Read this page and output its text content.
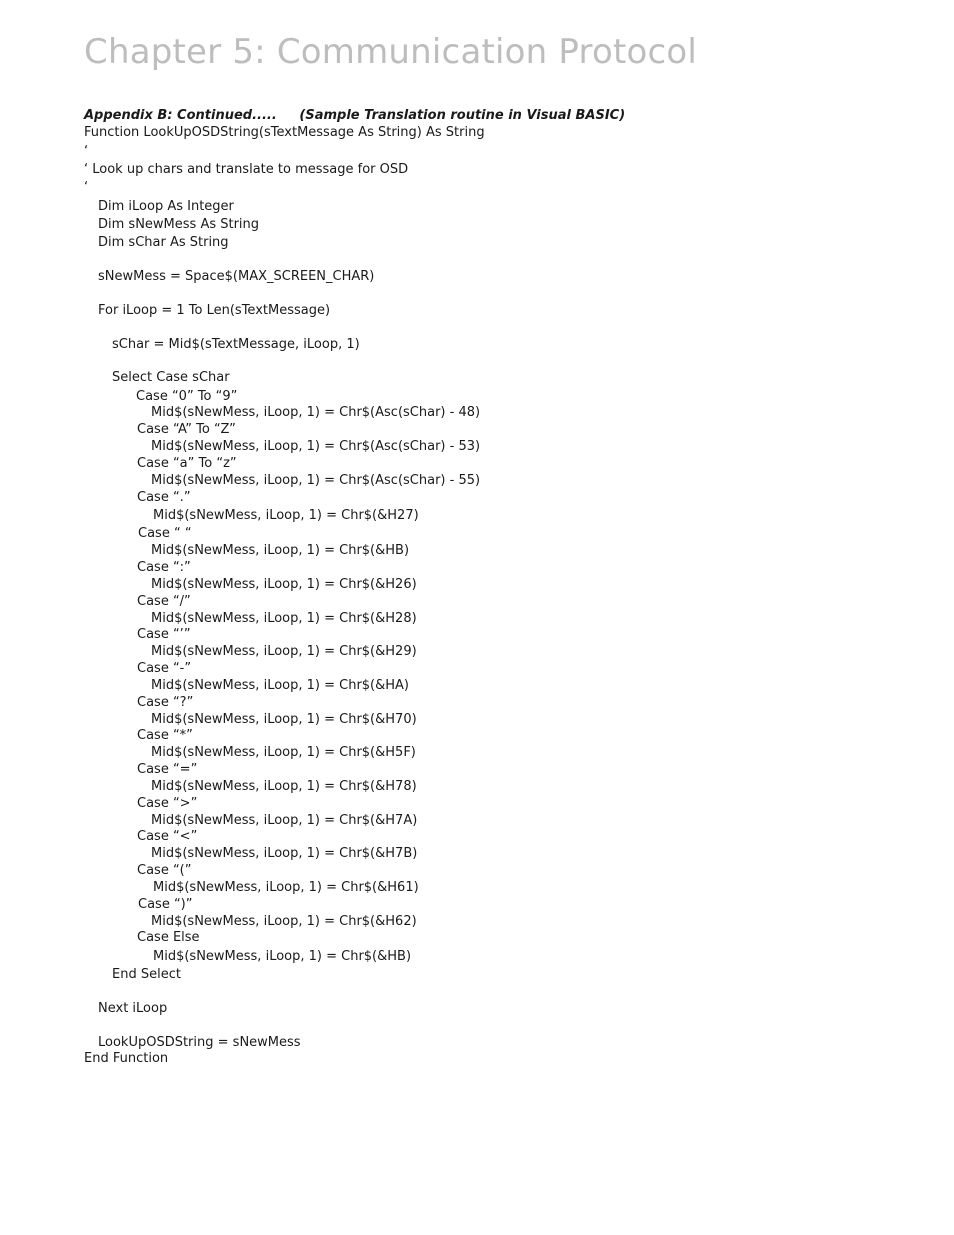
Chapter 5: Communication Protocol
Appendix B: Continued.....     (Sample Translation routine in Visual BASIC)
Function LookUpOSDString(sTextMessage As String) As String
‘
‘ Look up chars and translate to message for OSD
‘
Dim iLoop As Integer
Dim sNewMess As String
Dim sChar As String
sNewMess = Space$(MAX_SCREEN_CHAR)
For iLoop = 1 To Len(sTextMessage)
sChar = Mid$(sTextMessage, iLoop, 1)
Select Case sChar
Case “0” To “9”
Mid$(sNewMess, iLoop, 1) = Chr$(Asc(sChar) - 48)
Case “A” To “Z”
Mid$(sNewMess, iLoop, 1) = Chr$(Asc(sChar) - 53)
Case “a” To “z”
Mid$(sNewMess, iLoop, 1) = Chr$(Asc(sChar) - 55)
Case “.”
Mid$(sNewMess, iLoop, 1) = Chr$(&H27)
Case “ “
Mid$(sNewMess, iLoop, 1) = Chr$(&HB)
Case “:”
Mid$(sNewMess, iLoop, 1) = Chr$(&H26)
Case “/”
Mid$(sNewMess, iLoop, 1) = Chr$(&H28)
Case “’”
Mid$(sNewMess, iLoop, 1) = Chr$(&H29)
Case “-”
Mid$(sNewMess, iLoop, 1) = Chr$(&HA)
Case “?”
Mid$(sNewMess, iLoop, 1) = Chr$(&H70)
Case “*”
Mid$(sNewMess, iLoop, 1) = Chr$(&H5F)
Case “=”
Mid$(sNewMess, iLoop, 1) = Chr$(&H78)
Case “>”
Mid$(sNewMess, iLoop, 1) = Chr$(&H7A)
Case “<”
Mid$(sNewMess, iLoop, 1) = Chr$(&H7B)
Case “(”
Mid$(sNewMess, iLoop, 1) = Chr$(&H61)
Case “)”
Mid$(sNewMess, iLoop, 1) = Chr$(&H62)
Case Else
Mid$(sNewMess, iLoop, 1) = Chr$(&HB)
End Select
Next iLoop
LookUpOSDString = sNewMess
End Function
